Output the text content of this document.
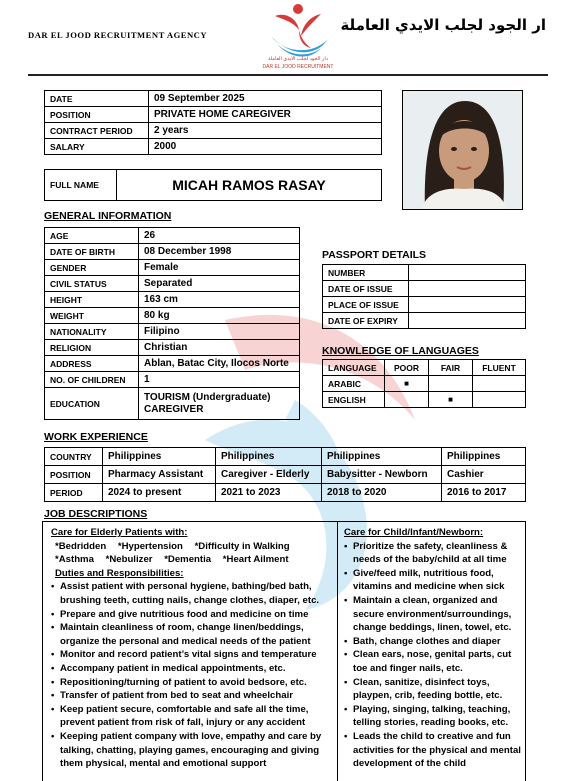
DAR EL JOOD RECRUITMENT AGENCY
دار الجود لجلب الايدي العاملة
DAR EL JOOD RECRUITMENT
ار الجود لجلب الايدي العاملة
DATE	09 September 2025
POSITION	PRIVATE HOME CAREGIVER
CONTRACT PERIOD	2 years
SALARY	2000
FULL NAME	MICAH RAMOS RASAY
GENERAL INFORMATION
AGE	26
DATE OF BIRTH	08 December 1998
GENDER	Female
CIVIL STATUS	Separated
HEIGHT	163 cm
WEIGHT	80 kg
NATIONALITY	Filipino
RELIGION	Christian
ADDRESS	Ablan, Batac City, Ilocos Norte
NO. OF CHILDREN	1
EDUCATION	TOURISM (Undergraduate)
CAREGIVER
PASSPORT DETAILS
NUMBER	
DATE OF ISSUE	
PLACE OF ISSUE	
DATE OF EXPIRY	
KNOWLEDGE OF LANGUAGES
LANGUAGE	POOR	FAIR	FLUENT
ARABIC	■		
ENGLISH		■	
WORK EXPERIENCE
COUNTRY	Philippines	Philippines	Philippines	Philippines
POSITION	Pharmacy Assistant	Caregiver - Elderly	Babysitter - Newborn	Cashier
PERIOD	2024 to present	2021 to 2023	2018 to 2020	2016 to 2017
JOB DESCRIPTIONS
Care for Elderly Patients with:
*Bedridden *Hypertension *Difficulty in Walking
*Asthma *Nebulizer *Dementia *Heart Ailment
Duties and Responsibilities:
• Assist patient with personal hygiene, bathing/bed bath, brushing teeth, cutting nails, change clothes, diaper, etc.
• Prepare and give nutritious food and medicine on time
• Maintain cleanliness of room, change linen/beddings, organize the personal and medical needs of the patient
• Monitor and record patient’s vital signs and temperature
• Accompany patient in medical appointments, etc.
• Repositioning/turning of patient to avoid bedsore, etc.
• Transfer of patient from bed to seat and wheelchair
• Keep patient secure, comfortable and safe all the time, prevent patient from risk of fall, injury or any accident
• Keeping patient company with love, empathy and care by talking, chatting, playing games, encouraging and giving them physical, mental and emotional support
Care for Child/Infant/Newborn:
• Prioritize the safety, cleanliness & needs of the baby/child at all time
• Give/feed milk, nutritious food, vitamins and medicine when sick
• Maintain a clean, organized and secure environment/surroundings, change beddings, linen, towel, etc.
• Bath, change clothes and diaper
• Clean ears, nose, genital parts, cut toe and finger nails, etc.
• Clean, sanitize, disinfect toys, playpen, crib, feeding bottle, etc.
• Playing, singing, talking, teaching, telling stories, reading books, etc.
• Leads the child to creative and fun activities for the physical and mental development of the child
